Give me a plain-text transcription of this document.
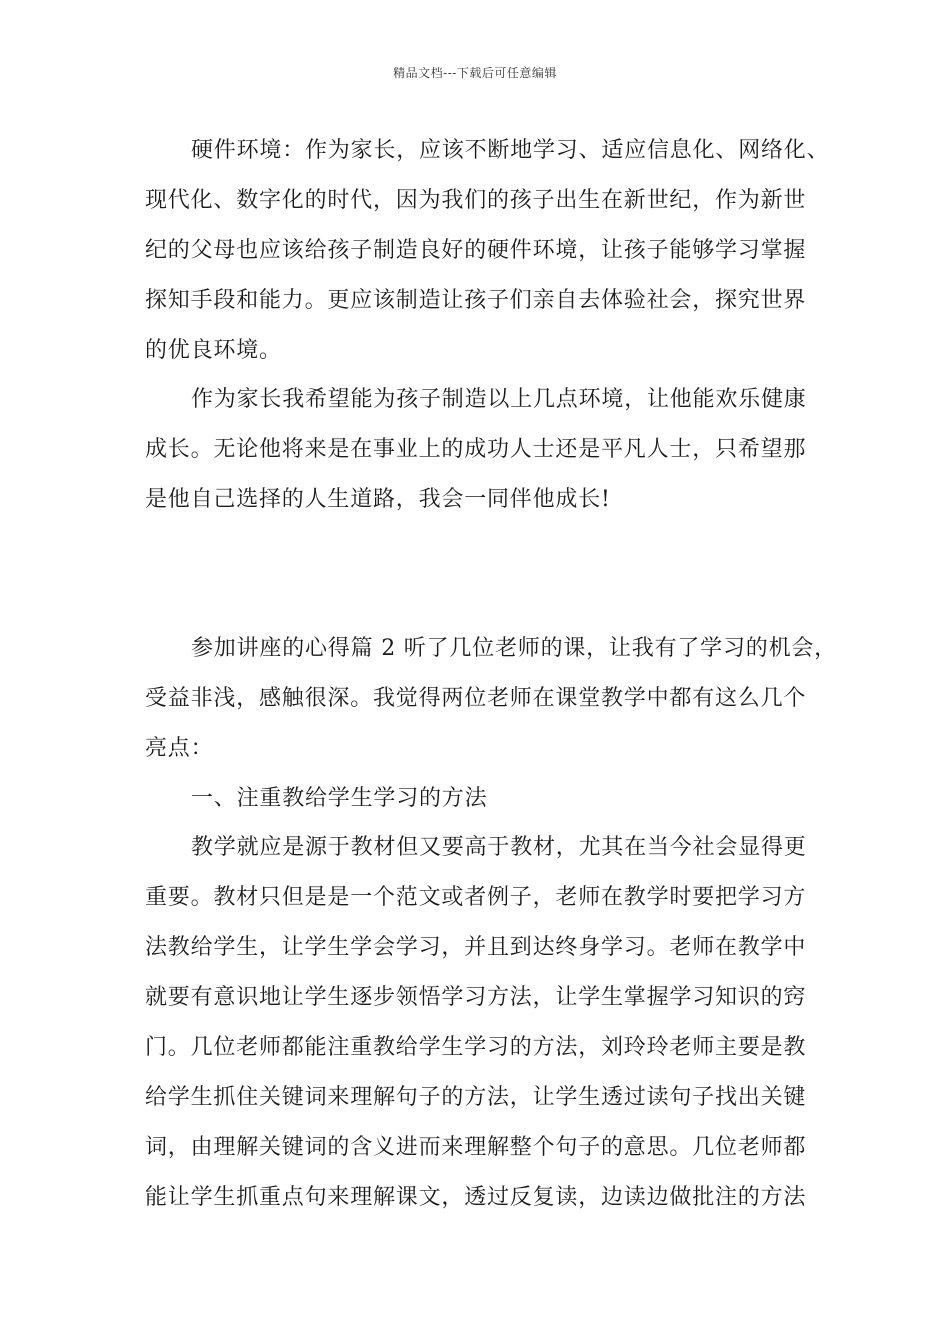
精品文档---下载后可任意编辑
硬件环境：作为家长，应该不断地学习、适应信息化、网络化、
现代化、数字化的时代，因为我们的孩子出生在新世纪，作为新世
纪的父母也应该给孩子制造良好的硬件环境，让孩子能够学习掌握
探知手段和能力。更应该制造让孩子们亲自去体验社会，探究世界
的优良环境。
作为家长我希望能为孩子制造以上几点环境，让他能欢乐健康
成长。无论他将来是在事业上的成功人士还是平凡人士，只希望那
是他自己选择的人生道路，我会一同伴他成长!
参加讲座的心得篇 2 听了几位老师的课，让我有了学习的机会，
受益非浅，感触很深。我觉得两位老师在课堂教学中都有这么几个
亮点：
一、注重教给学生学习的方法
教学就应是源于教材但又要高于教材，尤其在当今社会显得更
重要。教材只但是是一个范文或者例子，老师在教学时要把学习方
法教给学生，让学生学会学习，并且到达终身学习。老师在教学中
就要有意识地让学生逐步领悟学习方法，让学生掌握学习知识的窍
门。几位老师都能注重教给学生学习的方法，刘玲玲老师主要是教
给学生抓住关键词来理解句子的方法，让学生透过读句子找出关键
词，由理解关键词的含义进而来理解整个句子的意思。几位老师都
能让学生抓重点句来理解课文，透过反复读，边读边做批注的方法
